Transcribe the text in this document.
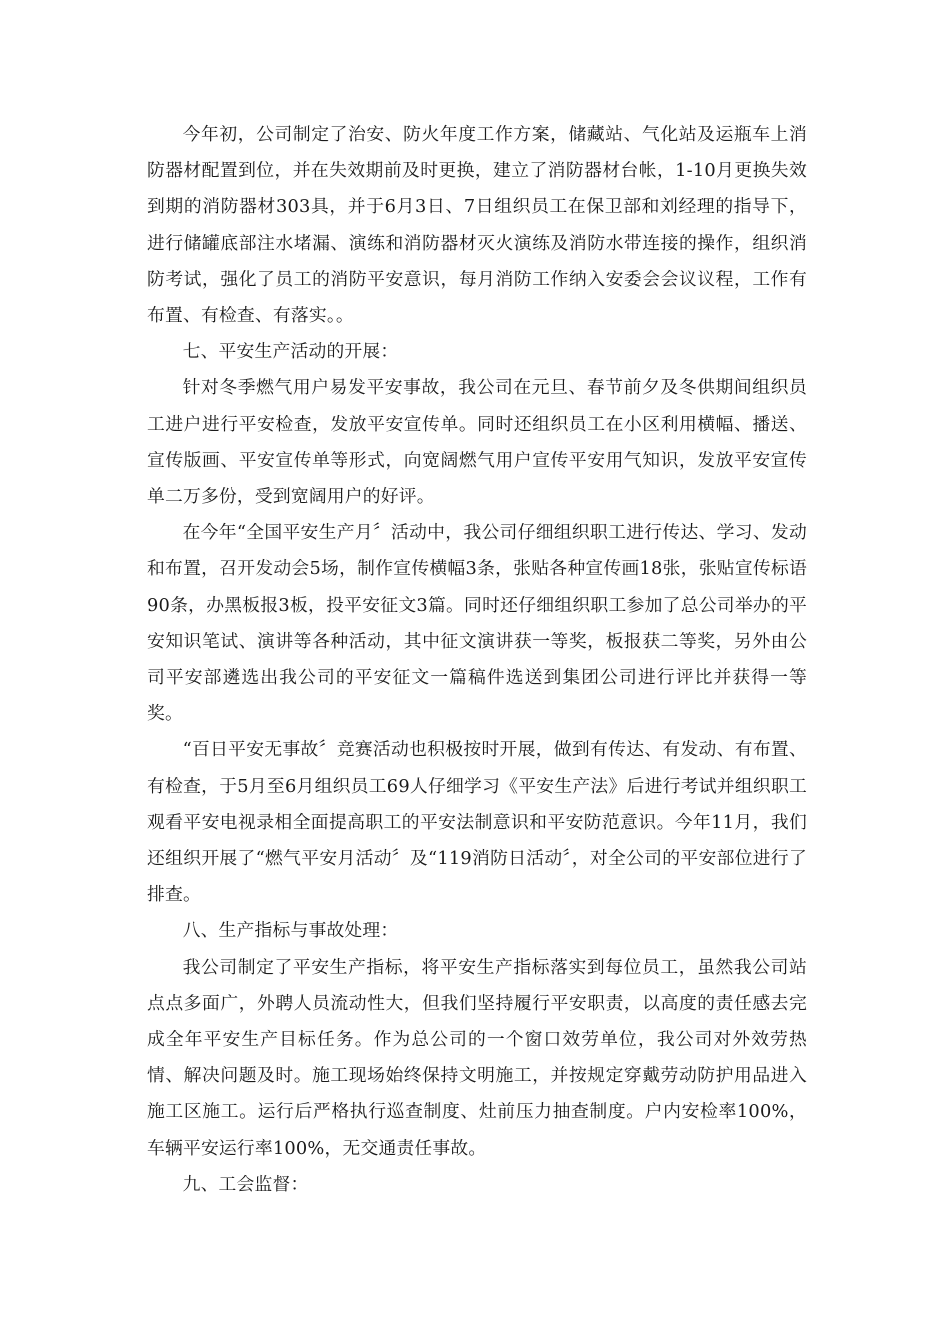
今年初，公司制定了治安、防火年度工作方案，储藏站、气化站及运瓶车上消防器材配置到位，并在失效期前及时更换，建立了消防器材台帐，1-10月更换失效到期的消防器材303具，并于6月3日、7日组织员工在保卫部和刘经理的指导下，进行储罐底部注水堵漏、演练和消防器材灭火演练及消防水带连接的操作，组织消防考试，强化了员工的消防平安意识，每月消防工作纳入安委会会议议程，工作有布置、有检查、有落实。。

七、平安生产活动的开展：

针对冬季燃气用户易发平安事故，我公司在元旦、春节前夕及冬供期间组织员工进户进行平安检查，发放平安宣传单。同时还组织员工在小区利用横幅、播送、宣传版画、平安宣传单等形式，向宽阔燃气用户宣传平安用气知识，发放平安宣传单二万多份，受到宽阔用户的好评。

在今年“全国平安生产月〞活动中，我公司仔细组织职工进行传达、学习、发动和布置，召开发动会5场，制作宣传横幅3条，张贴各种宣传画18张，张贴宣传标语90条，办黑板报3板，投平安征文3篇。同时还仔细组织职工参加了总公司举办的平安知识笔试、演讲等各种活动，其中征文演讲获一等奖，板报获二等奖，另外由公司平安部遴选出我公司的平安征文一篇稿件选送到集团公司进行评比并获得一等奖。

“百日平安无事故〞竞赛活动也积极按时开展，做到有传达、有发动、有布置、有检查，于5月至6月组织员工69人仔细学习《平安生产法》后进行考试并组织职工观看平安电视录相全面提高职工的平安法制意识和平安防范意识。今年11月，我们还组织开展了“燃气平安月活动〞及“119消防日活动〞，对全公司的平安部位进行了排查。

八、生产指标与事故处理：

我公司制定了平安生产指标，将平安生产指标落实到每位员工，虽然我公司站点点多面广，外聘人员流动性大，但我们坚持履行平安职责，以高度的责任感去完成全年平安生产目标任务。作为总公司的一个窗口效劳单位，我公司对外效劳热情、解决问题及时。施工现场始终保持文明施工，并按规定穿戴劳动防护用品进入施工区施工。运行后严格执行巡查制度、灶前压力抽查制度。户内安检率100%，车辆平安运行率100%，无交通责任事故。

九、工会监督：
